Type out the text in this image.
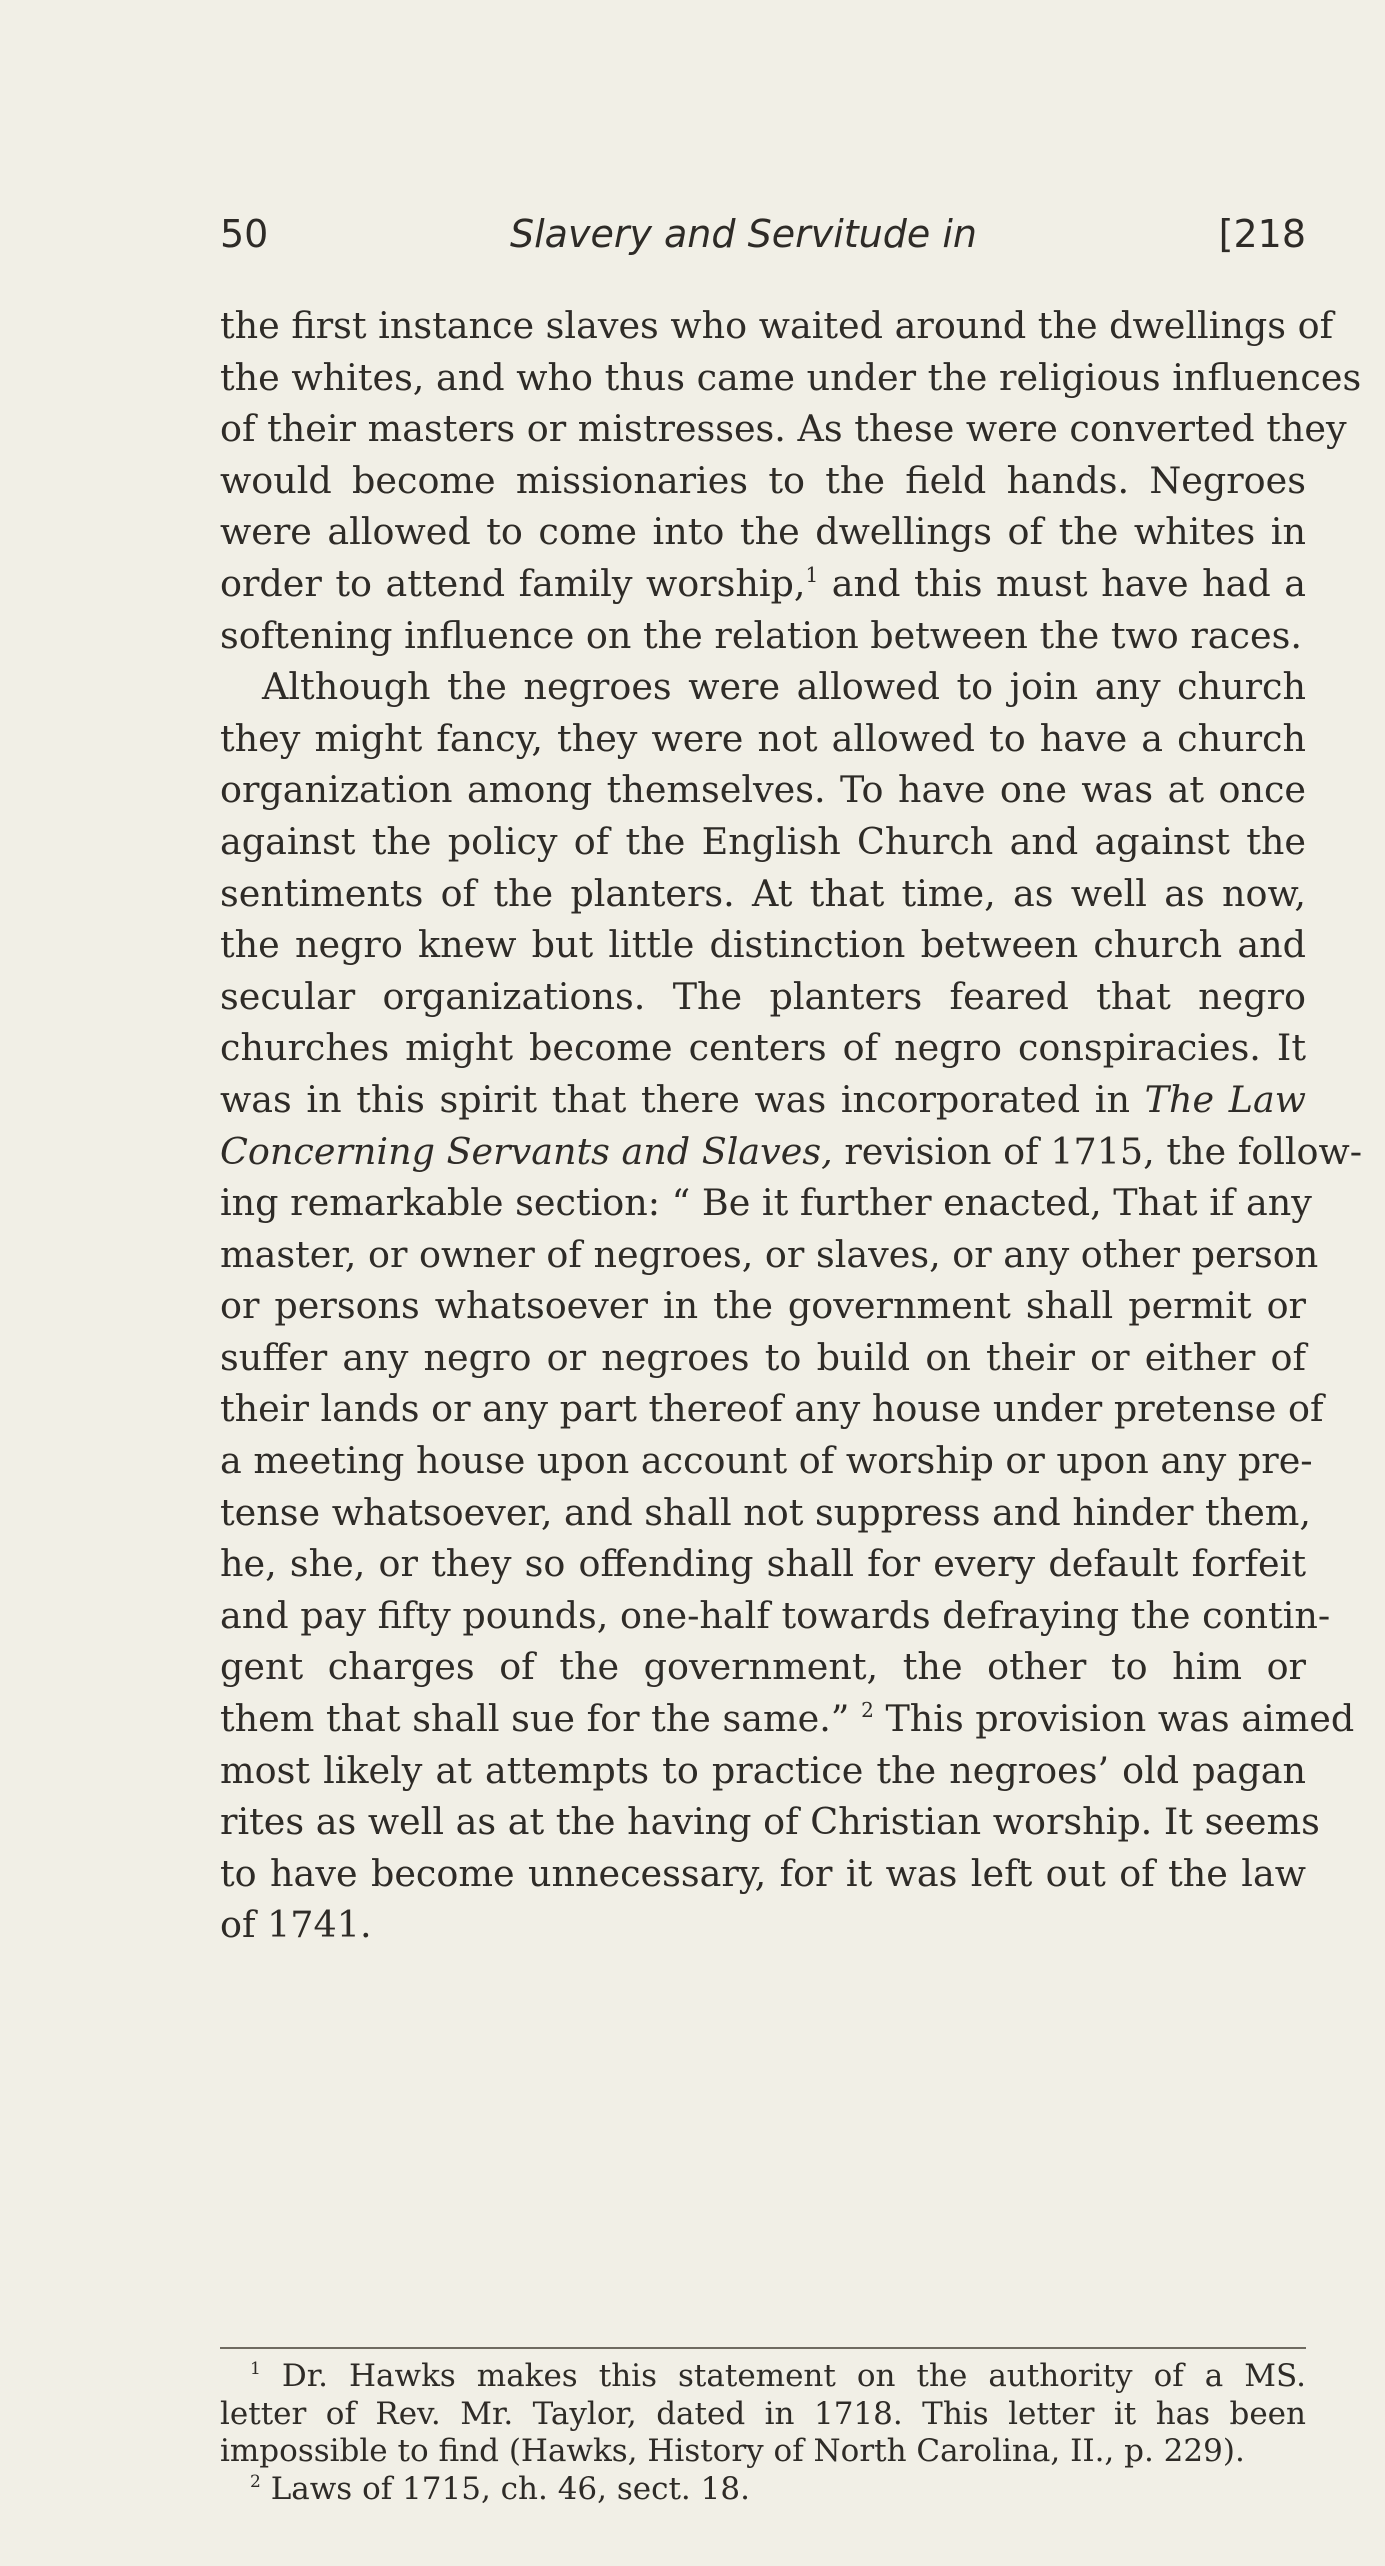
50	Slavery and Servitude in	[218
the first instance slaves who waited around the dwellings of
the whites, and who thus came under the religious influences
of their masters or mistresses. As these were converted they
would become missionaries to the field hands. Negroes
were allowed to come into the dwellings of the whites in
order to attend family worship,$^1$ and this must have had a
softening influence on the relation between the two races.
Although the negroes were allowed to join any church
they might fancy, they were not allowed to have a church
organization among themselves. To have one was at once
against the policy of the English Church and against the
sentiments of the planters. At that time, as well as now,
the negro knew but little distinction between church and
secular organizations. The planters feared that negro
churches might become centers of negro conspiracies. It
was in this spirit that there was incorporated in The Law
Concerning Servants and Slaves, revision of 1715, the follow-
ing remarkable section: “ Be it further enacted, That if any
master, or owner of negroes, or slaves, or any other person
or persons whatsoever in the government shall permit or
suffer any negro or negroes to build on their or either of
their lands or any part thereof any house under pretense of
a meeting house upon account of worship or upon any pre-
tense whatsoever, and shall not suppress and hinder them,
he, she, or they so offending shall for every default forfeit
and pay fifty pounds, one-half towards defraying the contin-
gent charges of the government, the other to him or
them that shall sue for the same.” $^2$ This provision was aimed
most likely at attempts to practice the negroes’ old pagan
rites as well as at the having of Christian worship. It seems
to have become unnecessary, for it was left out of the law
of 1741.
$^1$ Dr. Hawks makes this statement on the authority of a MS.
letter of Rev. Mr. Taylor, dated in 1718. This letter it has been
impossible to find (Hawks, History of North Carolina, II., p. 229).
$^2$ Laws of 1715, ch. 46, sect. 18.
